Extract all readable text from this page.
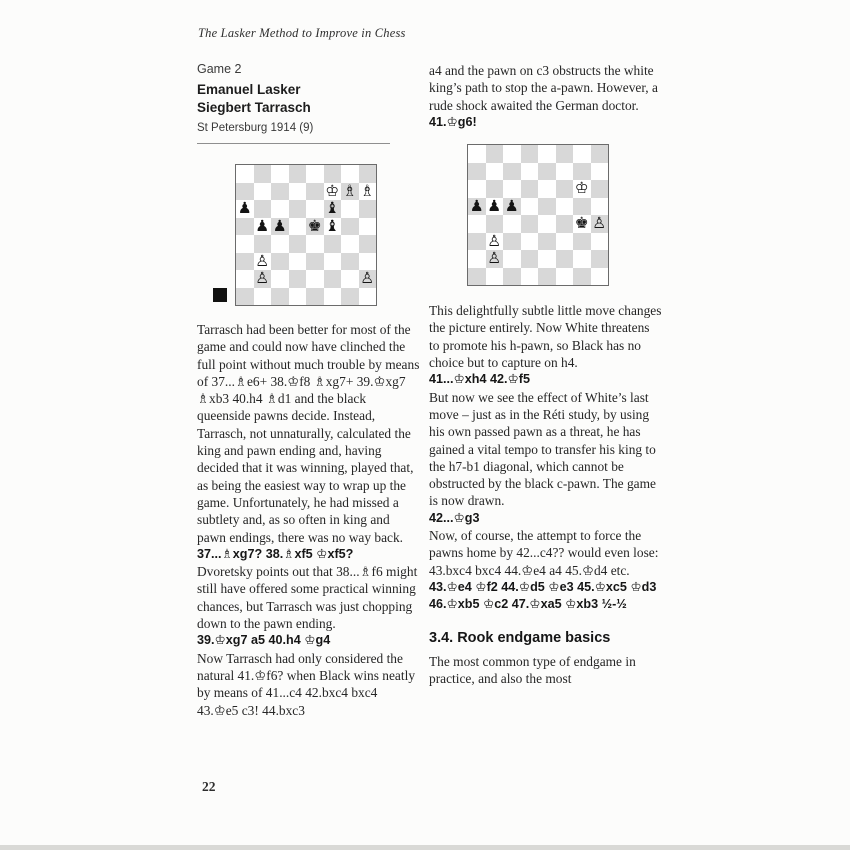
The Lasker Method to Improve in Chess
Game 2
Emanuel Lasker
Siegbert Tarrasch
St Petersburg 1914 (9)
♔ ♗ ♗
♟	♝
♟ ♟ ♚ ♝
♙
♙	♙

Tarrasch had been better for most of the game and could now have clinched the full point without much trouble by means of 37...♗e6+ 38.♔f8 ♗xg7+ 39.♔xg7 ♗xb3 40.h4 ♗d1 and the black queenside pawns decide. Instead, Tarrasch, not unnaturally, calculated the king and pawn ending and, having decided that it was winning, played that, as being the easiest way to wrap up the game. Unfortunately, he had missed a subtlety and, as so often in king and pawn endings, there was no way back.

37...♗xg7? 38.♗xf5 ♔xf5?

Dvoretsky points out that 38...♗f6 might still have offered some practical winning chances, but Tarrasch was just chopping down to the pawn ending.

39.♔xg7 a5 40.h4 ♔g4

Now Tarrasch had only considered the natural 41.♔f6? when Black wins neatly by means of 41...c4 42.bxc4 bxc4 43.♔e5 c3! 44.bxc3

a4 and the pawn on c3 obstructs the white king’s path to stop the a-pawn. However, a rude shock awaited the German doctor.

41.♔g6!

♔
♟ ♟ ♟
♚ ♙
♙
♙

This delightfully subtle little move changes the picture entirely. Now White threatens to promote his h-pawn, so Black has no choice but to capture on h4.

41...♔xh4 42.♔f5

But now we see the effect of White’s last move – just as in the Réti study, by using his own passed pawn as a threat, he has gained a vital tempo to transfer his king to the h7-b1 diagonal, which cannot be obstructed by the black c-pawn. The game is now drawn.

42...♔g3

Now, of course, the attempt to force the pawns home by 42...c4?? would even lose: 43.bxc4 bxc4 44.♔e4 a4 45.♔d4 etc.

43.♔e4 ♔f2 44.♔d5 ♔e3 45.♔xc5 ♔d3 46.♔xb5 ♔c2 47.♔xa5 ♔xb3 ½-½

3.4. Rook endgame basics

The most common type of endgame in practice, and also the most

22
